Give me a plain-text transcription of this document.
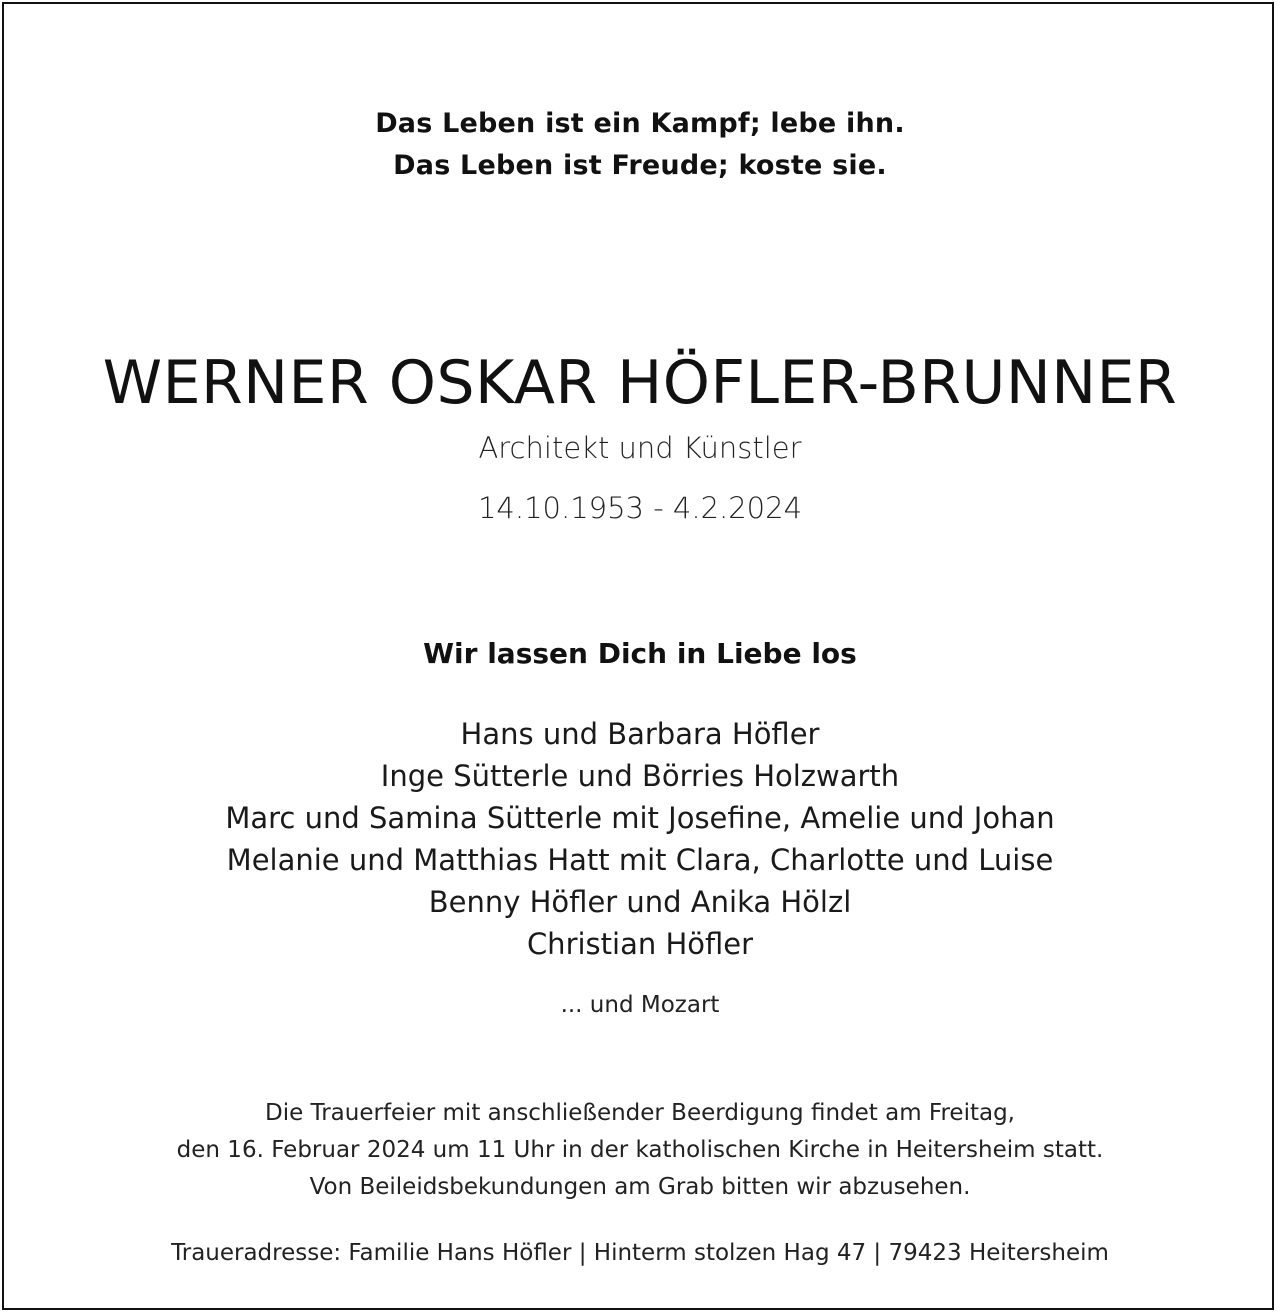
Das Leben ist ein Kampf; lebe ihn.
Das Leben ist Freude; koste sie.
WERNER OSKAR HÖFLER-BRUNNER
Architekt und Künstler
14.10.1953 - 4.2.2024
Wir lassen Dich in Liebe los
Hans und Barbara Höfler
Inge Sütterle und Börries Holzwarth
Marc und Samina Sütterle mit Josefine, Amelie und Johan
Melanie und Matthias Hatt mit Clara, Charlotte und Luise
Benny Höfler und Anika Hölzl
Christian Höfler
... und Mozart
Die Trauerfeier mit anschließender Beerdigung findet am Freitag,
den 16. Februar 2024 um 11 Uhr in der katholischen Kirche in Heitersheim statt.
Von Beileidsbekundungen am Grab bitten wir abzusehen.
Traueradresse: Familie Hans Höfler | Hinterm stolzen Hag 47 | 79423 Heitersheim
